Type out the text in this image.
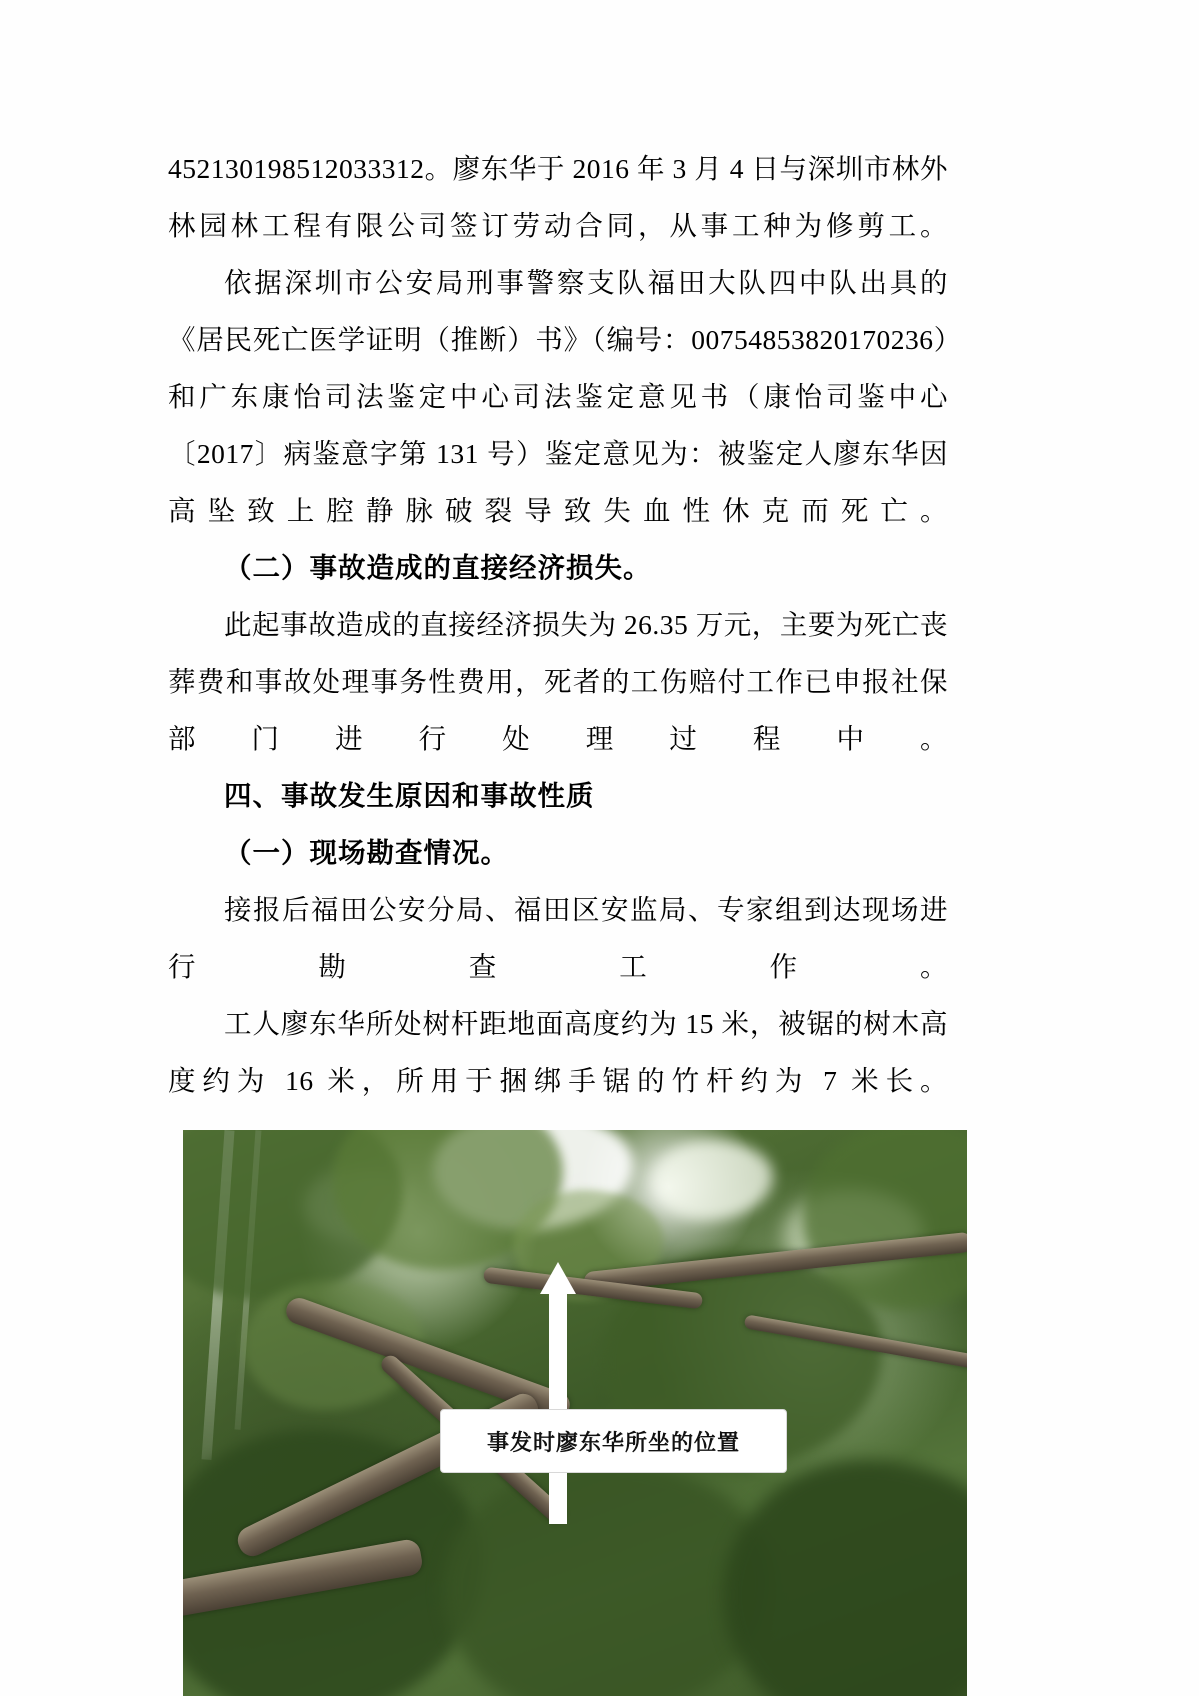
452130198512033312。廖东华于 2016 年 3 月 4 日与深圳市林外林园林工程有限公司签订劳动合同，从事工种为修剪工。

依据深圳市公安局刑事警察支队福田大队四中队出具的《居民死亡医学证明（推断）书》（编号：00754853820170236）和广东康怡司法鉴定中心司法鉴定意见书（康怡司鉴中心〔2017〕病鉴意字第 131 号）鉴定意见为：被鉴定人廖东华因高坠致上腔静脉破裂导致失血性休克而死亡。

（二）事故造成的直接经济损失。

此起事故造成的直接经济损失为 26.35 万元，主要为死亡丧葬费和事故处理事务性费用，死者的工伤赔付工作已申报社保部门进行处理过程中。

四、事故发生原因和事故性质

（一）现场勘查情况。

接报后福田公安分局、福田区安监局、专家组到达现场进行勘查工作。

工人廖东华所处树杆距地面高度约为 15 米，被锯的树木高度约为 16 米，所用于捆绑手锯的竹杆约为 7 米长。

事发时廖东华所坐的位置
